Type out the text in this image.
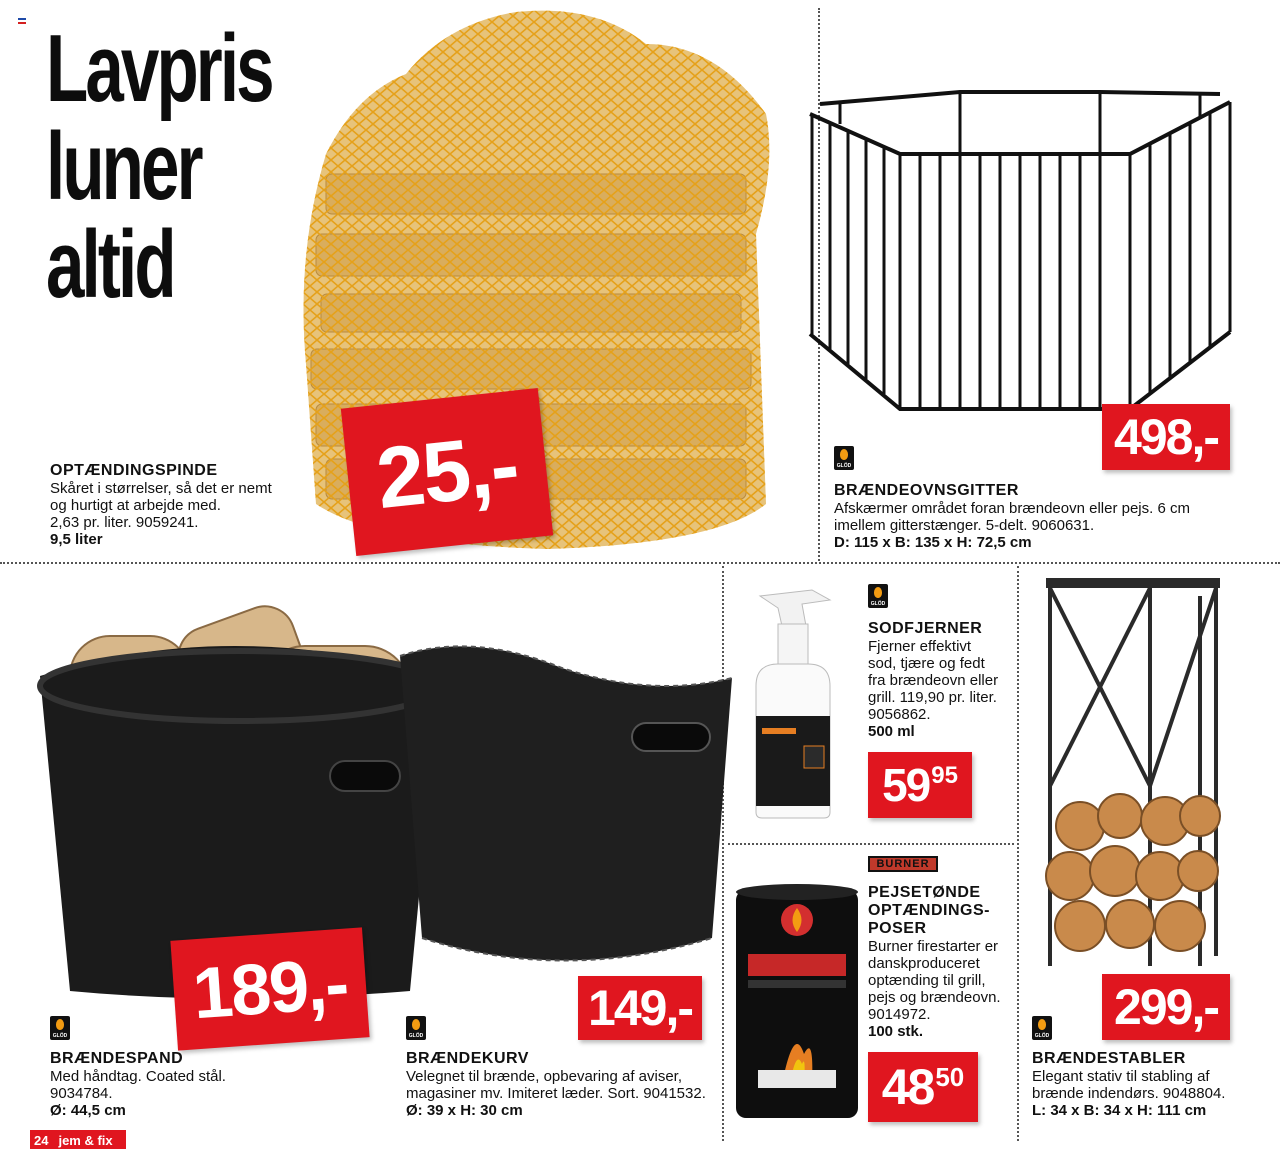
Lavpris
luner
altid
25,-
OPTÆNDINGSPINDE
Skåret i størrelser, så det er nemt
og hurtigt at arbejde med.
2,63 pr. liter. 9059241.
9,5 liter
GLÖD
498,-
BRÆNDEOVNSGITTER
Afskærmer området foran brændeovn eller pejs. 6 cm
imellem gitterstænger. 5-delt. 9060631.
D: 115 x B: 135 x H: 72,5 cm
189,-
GLÖD
BRÆNDESPAND
Med håndtag. Coated stål.
9034784.
Ø: 44,5 cm
149,-
GLÖD
BRÆNDEKURV
Velegnet til brænde, opbevaring af aviser,
magasiner mv. Imiteret læder. Sort. 9041532.
Ø: 39 x H: 30 cm
GLÖD
SODFJERNER
Fjerner effektivt
sod, tjære og fedt
fra brændeovn eller
grill. 119,90 pr. liter.
9056862.
500 ml
59 95
BURNER
PEJSETØNDE
OPTÆNDINGS-
POSER
Burner firestarter er
danskproduceret
optænding til grill,
pejs og brændeovn.
9014972.
100 stk.
48 50
299,-
GLÖD
BRÆNDESTABLER
Elegant stativ til stabling af
brænde indendørs. 9048804.
L: 34 x B: 34 x H: 111 cm
24 jem & fix
